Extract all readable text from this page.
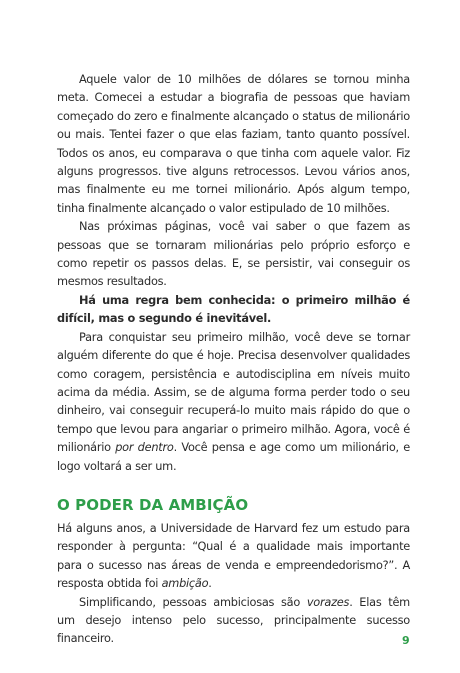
Aquele valor de 10 milhões de dólares se tornou minha meta. Comecei a estudar a biografia de pessoas que haviam começado do zero e finalmente alcançado o status de milionário ou mais. Tentei fazer o que elas faziam, tanto quanto possível. Todos os anos, eu comparava o que tinha com aquele valor. Fiz alguns progressos. tive alguns retrocessos. Levou vários anos, mas finalmente eu me tornei milionário. Após algum tempo, tinha finalmente alcançado o valor estipulado de 10 milhões.

Nas próximas páginas, você vai saber o que fazem as pessoas que se tornaram milionárias pelo próprio esforço e como repetir os passos delas. E, se persistir, vai conseguir os mesmos resultados.

Há uma regra bem conhecida: o primeiro milhão é difícil, mas o segundo é inevitável.

Para conquistar seu primeiro milhão, você deve se tornar alguém diferente do que é hoje. Precisa desenvolver qualidades como coragem, persistência e autodisciplina em níveis muito acima da média. Assim, se de alguma forma perder todo o seu dinheiro, vai conseguir recuperá-lo muito mais rápido do que o tempo que levou para angariar o primeiro milhão. Agora, você é milionário por dentro. Você pensa e age como um milionário, e logo voltará a ser um.

O PODER DA AMBIÇÃO

Há alguns anos, a Universidade de Harvard fez um estudo para responder à pergunta: “Qual é a qualidade mais importante para o sucesso nas áreas de venda e empreendedorismo?”. A resposta obtida foi ambição.

Simplificando, pessoas ambiciosas são vorazes. Elas têm um desejo intenso pelo sucesso, principalmente sucesso financeiro.	9
